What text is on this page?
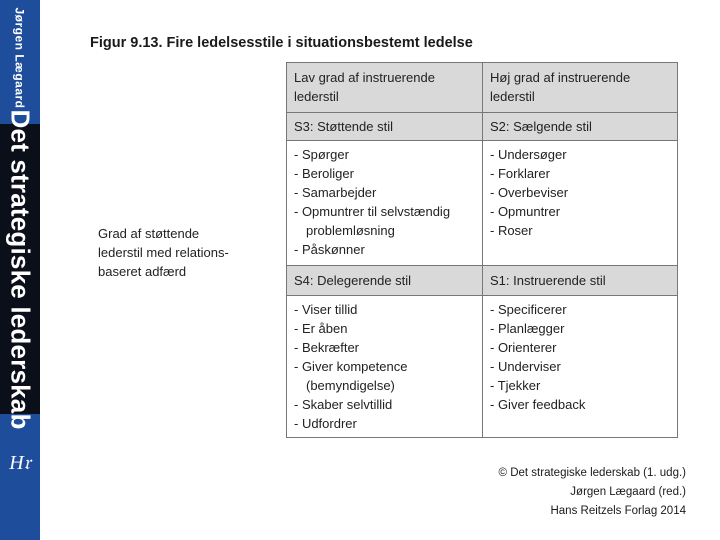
Jørgen Lægaard
Det strategiske lederskab
H𝔯
Figur 9.13. Fire ledelsesstile i situationsbestemt ledelse
Grad af støttende
lederstil med relations-
baseret adfærd
Lav grad af instruerende
lederstil
Høj grad af instruerende
lederstil
S3: Støttende stil	S2: Sælgende stil
- Spørger
- Beroliger
- Samarbejder
- Opmuntrer til selvstændig
problemløsning
- Påskønner
- Undersøger
- Forklarer
- Overbeviser
- Opmuntrer
- Roser
S4: Delegerende stil	S1: Instruerende stil
- Viser tillid
- Er åben
- Bekræfter
- Giver kompetence
(bemyndigelse)
- Skaber selvtillid
- Udfordrer
- Specificerer
- Planlægger
- Orienterer
- Underviser
- Tjekker
- Giver feedback
© Det strategiske lederskab (1. udg.)
Jørgen Lægaard (red.)
Hans Reitzels Forlag 2014
